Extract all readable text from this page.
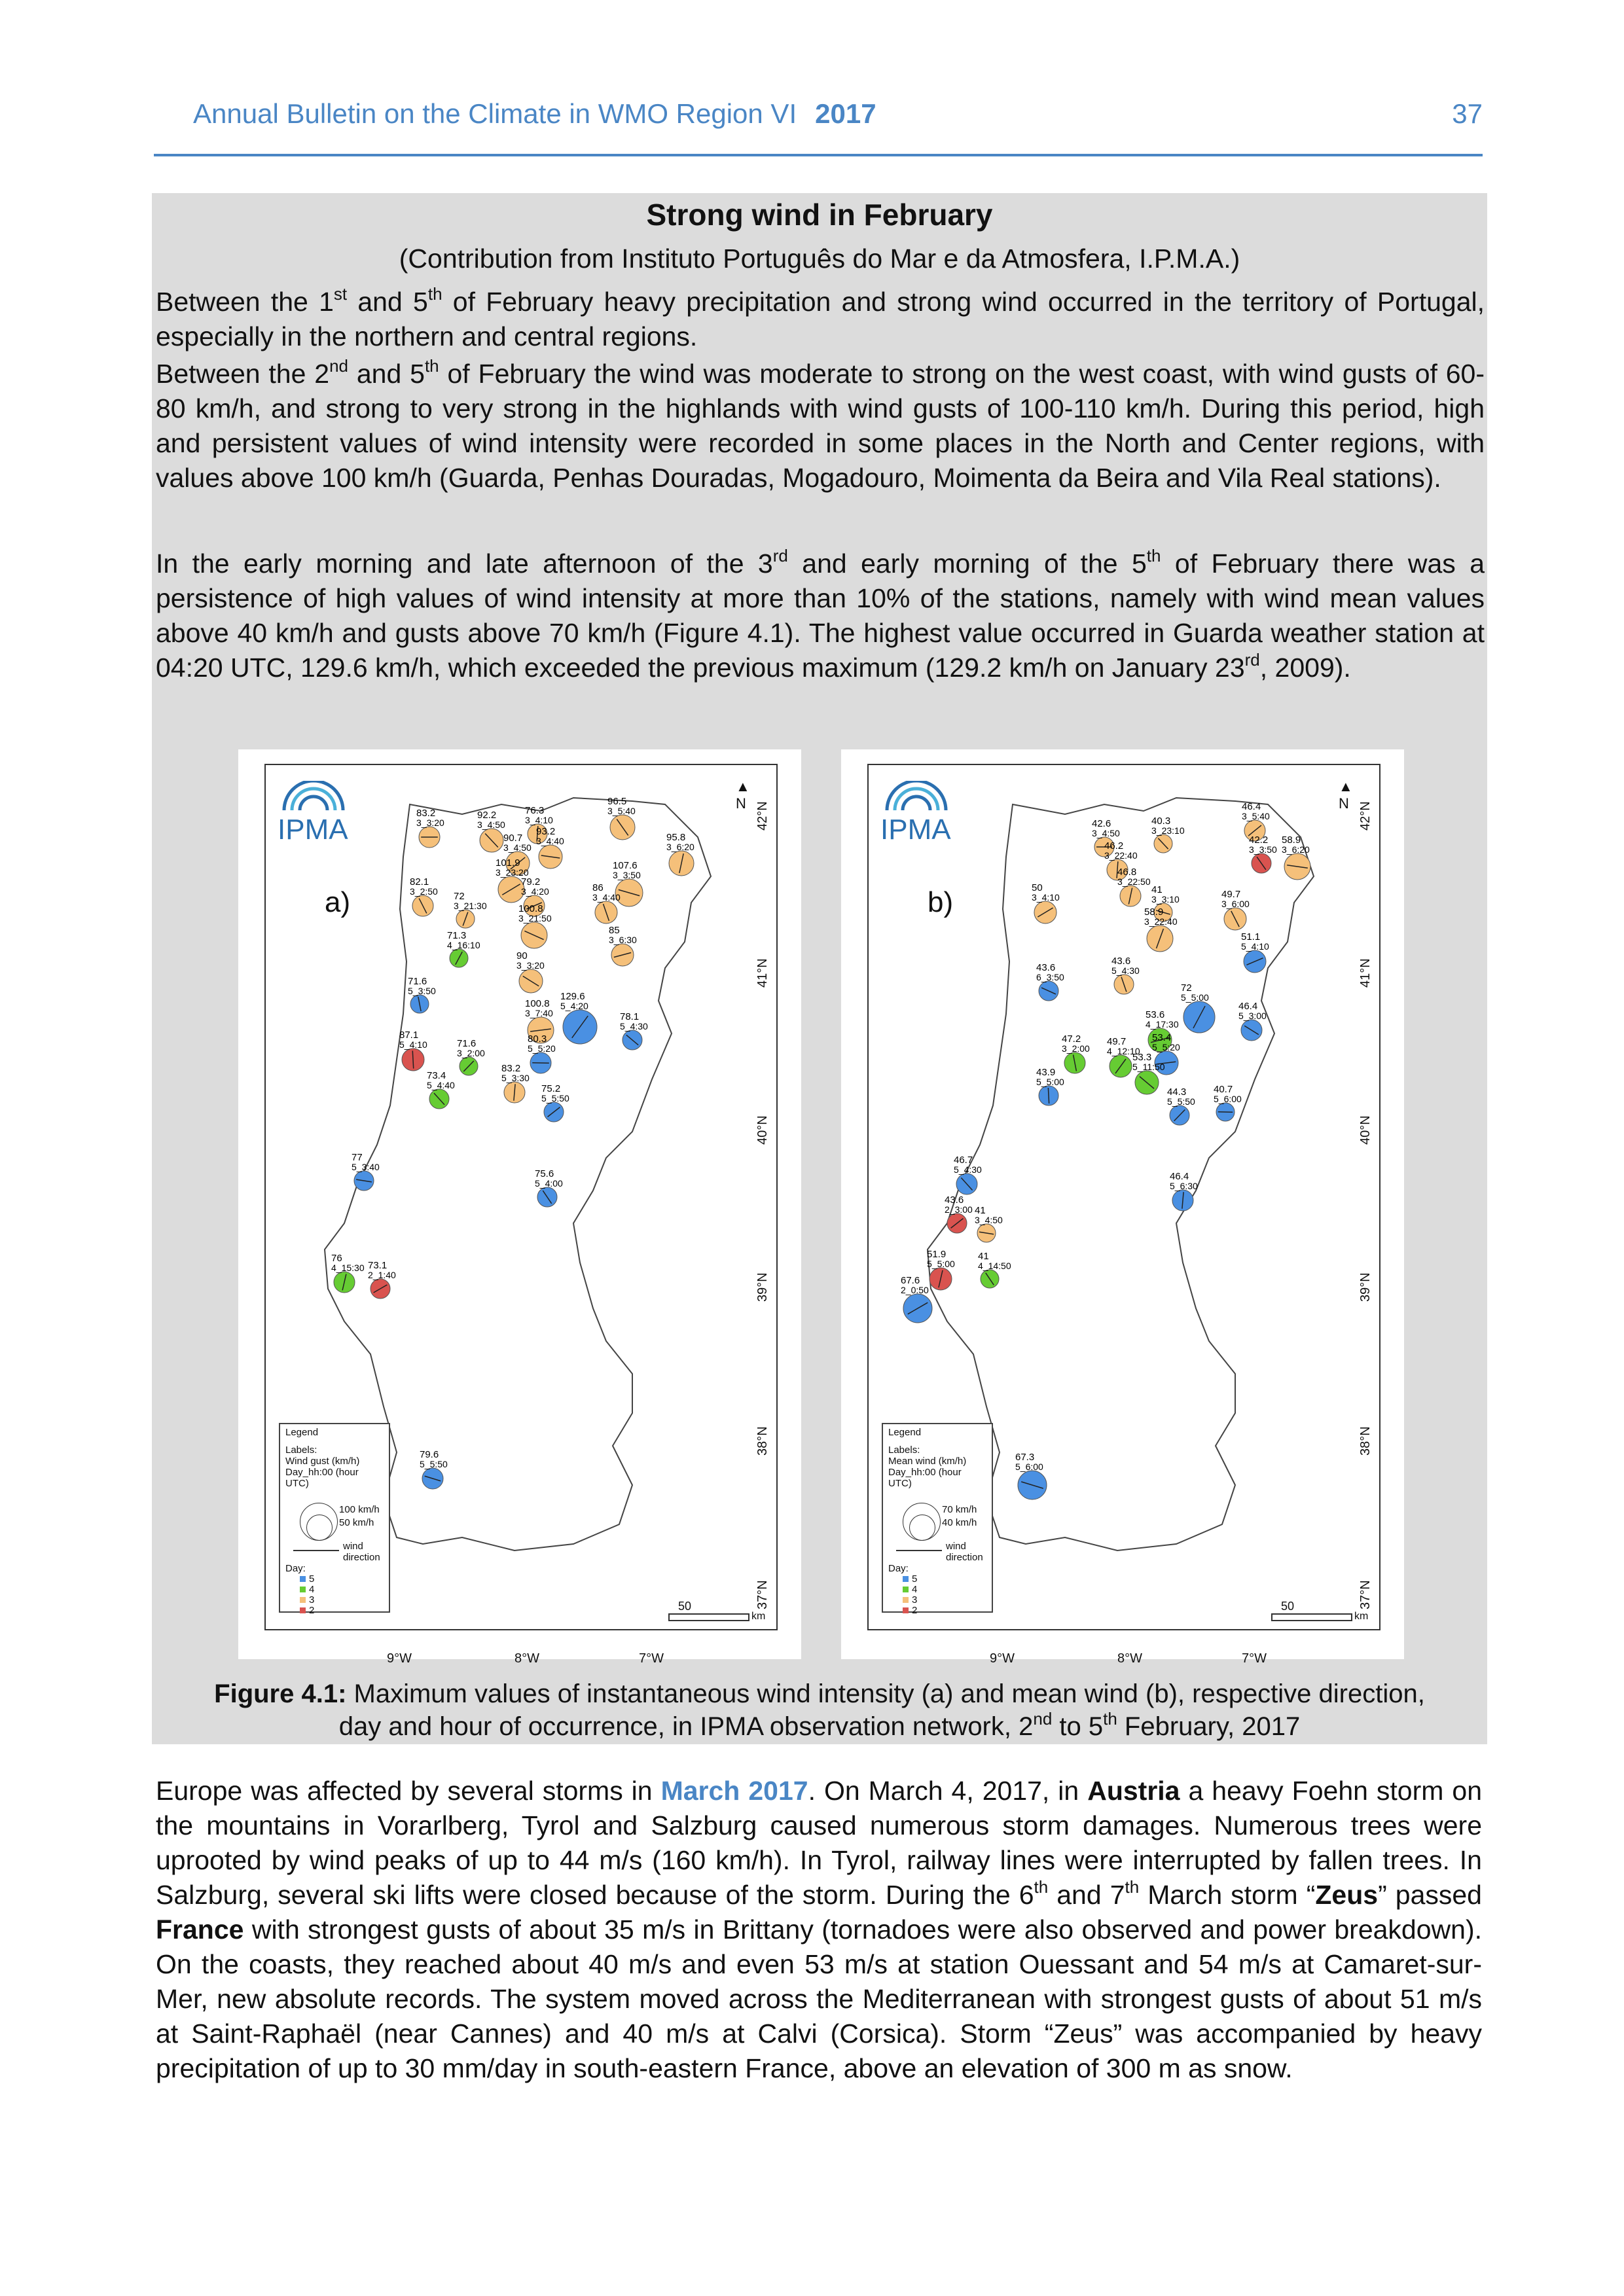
Annual Bulletin on the Climate in WMO Region VI 2017	37
Strong wind in February
(Contribution from Instituto Português do Mar e da Atmosfera, I.P.M.A.)
Between the 1st and 5th of February heavy precipitation and strong wind occurred in the territory of Portugal, especially in the northern and central regions.
Between the 2nd and 5th of February the wind was moderate to strong on the west coast, with wind gusts of 60-80 km/h, and strong to very strong in the highlands with wind gusts of 100-110 km/h. During this period, high and persistent values of wind intensity were recorded in some places in the North and Center regions, with values above 100 km/h (Guarda, Penhas Douradas, Mogadouro, Moimenta da Beira and Vila Real stations).
In the early morning and late afternoon of the 3rd and early morning of the 5th of February there was a persistence of high values of wind intensity at more than 10% of the stations, namely with wind mean values above 40 km/h and gusts above 70 km/h (Figure 4.1). The highest value occurred in Guarda weather station at 04:20 UTC, 129.6 km/h, which exceeded the previous maximum (129.2 km/h on January 23rd, 2009).
83.2
3_3:20
92.2
3_4:50
76.3
3_4:10
90.7
3_4:50
93.2
3_4:40
96.5
3_5:40
95.8
3_6:20
101.9
3_23:20
107.6
3_3:50
82.1
3_2:50 72
3_21:30
79.2
3_4:20
100.8
3_21:50
86
3_4:40
71.3
4_16:10
85
3_6:30
90
3_3:20
71.6
5_3:50	129.6
5_4:20
100.8
3_7:40	78.1
5_4:30
87.1
5_4:10	71.6
3_2:00
80.3
5_5:20
73.4
5_4:40
83.2
5_3:30
75.2
5_5:50
77
5_3:40
75.6
5_4:00
76
4_15:30 73.1
2_1:40
79.6
5_5:50
IPMA
a)
▲
N 42°N
41°N
40°N
39°N
38°N
37°N
9°W	8°W	7°W
Legend
Labels:
Wind gust (km/h)
Day_hh:00 (hour UTC)
100 km/h
50 km/h
wind
direction
Day:
5
4
3
2	50
km
42.6
3_4:50
40.3
3_23:10
46.2
3_22:40
46.4
3_5:40
58.9
3_6:20
42.2
3_3:50
46.8
3_22:50
50
3_4:10
41
3_3:10	49.7
3_6:00
58.9
3_22:40
51.1
5_4:10
43.6
6_3:50
43.6
5_4:30
72
5_5:00
53.6
4_17:30
46.4
5_3:00
47.2
3_2:00
49.7
4_12:10
53.4
5_5:20
53.3
5_11:50
43.9
5_5:00
44.3
5_5:50
40.7
5_6:00
46.7
5_4:30
46.4
5_6:30
43.6
2_3:00 41
3_4:50
41
4_14:50
51.9
5_5:00
67.6
2_0:50
67.3
5_6:00
IPMA
b)
▲
N 42°N
41°N
40°N
39°N
38°N
37°N
9°W	8°W	7°W
Legend
Labels:
Mean wind (km/h)
Day_hh:00 (hour UTC)
70 km/h
40 km/h
wind
direction
Day:
5
4
3
2	50
km
Figure 4.1: Maximum values of instantaneous wind intensity (a) and mean wind (b), respective direction,
day and hour of occurrence, in IPMA observation network, 2nd to 5th February, 2017
Europe was affected by several storms in March 2017. On March 4, 2017, in Austria a heavy Foehn storm on the mountains in Vorarlberg, Tyrol and Salzburg caused numerous storm damages. Numerous trees were uprooted by wind peaks of up to 44 m/s (160 km/h). In Tyrol, railway lines were interrupted by fallen trees. In Salzburg, several ski lifts were closed because of the storm. During the 6th and 7th March storm “Zeus” passed France with strongest gusts of about 35 m/s in Brittany (tornadoes were also observed and power breakdown). On the coasts, they reached about 40 m/s and even 53 m/s at station Ouessant and 54 m/s at Camaret-sur-Mer, new absolute records. The system moved across the Mediterranean with strongest gusts of about 51 m/s at Saint-Raphaël (near Cannes) and 40 m/s at Calvi (Corsica). Storm “Zeus” was accompanied by heavy precipitation of up to 30 mm/day in south-eastern France, above an elevation of 300 m as snow.
